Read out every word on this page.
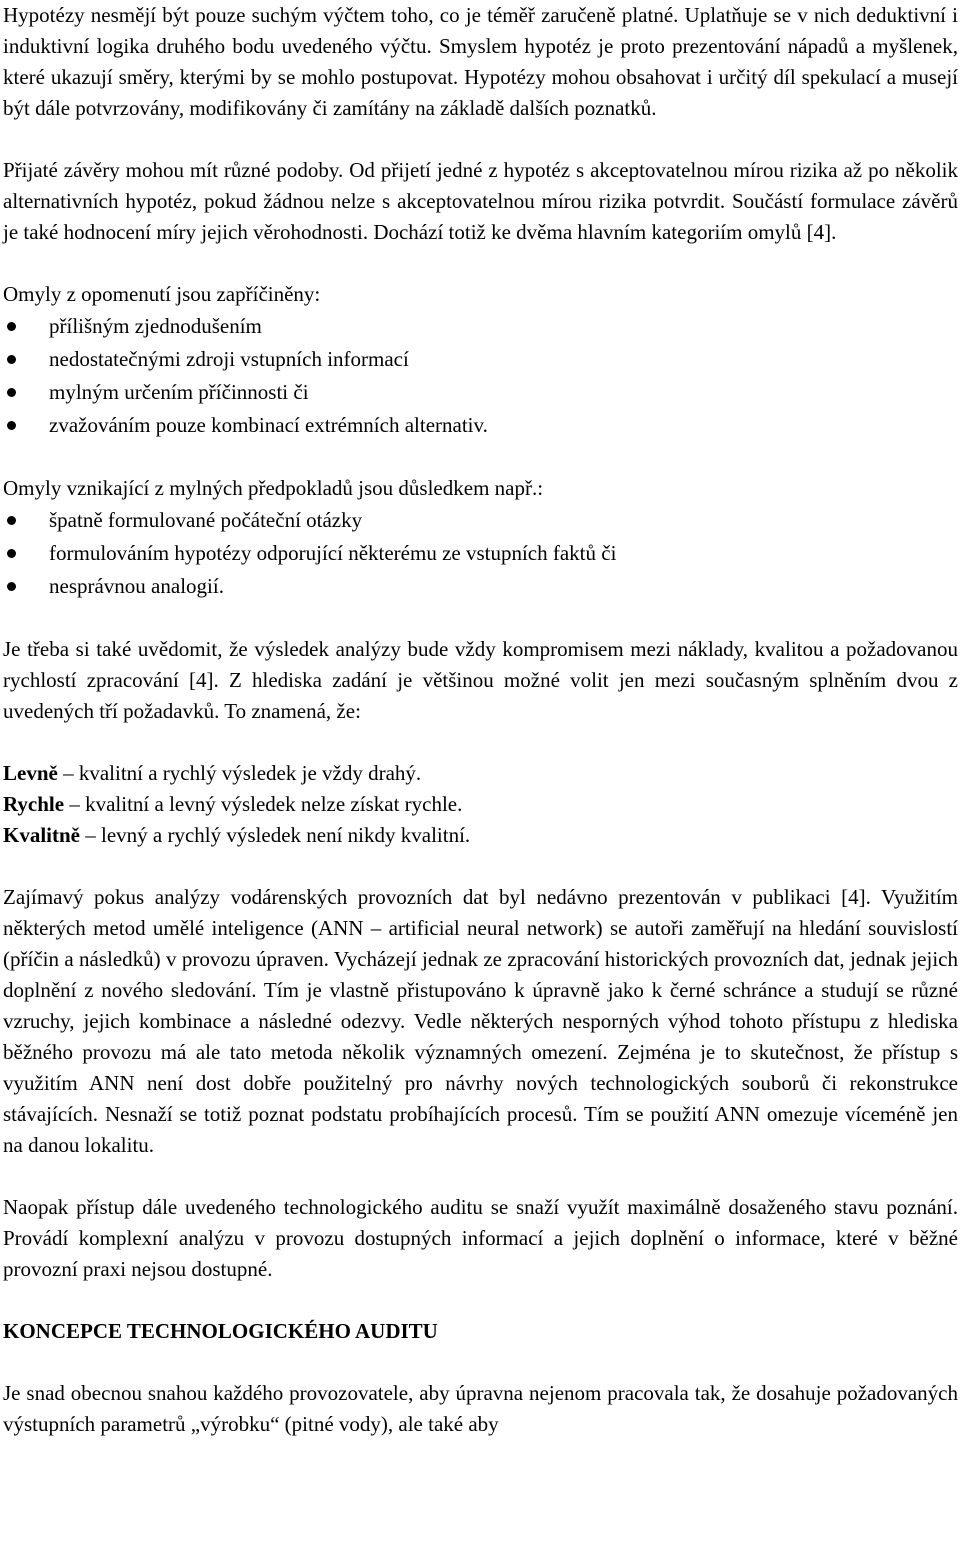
Hypotézy nesmějí být pouze suchým výčtem toho, co je téměř zaručeně platné. Uplatňuje se v nich deduktivní i induktivní logika druhého bodu uvedeného výčtu. Smyslem hypotéz je proto prezentování nápadů a myšlenek, které ukazují směry, kterými by se mohlo postupovat. Hypotézy mohou obsahovat i určitý díl spekulací a musejí být dále potvrzovány, modifikovány či zamítány na základě dalších poznatků.

Přijaté závěry mohou mít různé podoby. Od přijetí jedné z hypotéz s akceptovatelnou mírou rizika až po několik alternativních hypotéz, pokud žádnou nelze s akceptovatelnou mírou rizika potvrdit. Součástí formulace závěrů je také hodnocení míry jejich věrohodnosti. Dochází totiž ke dvěma hlavním kategoriím omylů [4].

Omyly z opomenutí jsou zapříčiněny:

přílišným zjednodušením
nedostatečnými zdroji vstupních informací
mylným určením příčinnosti či
zvažováním pouze kombinací extrémních alternativ.

Omyly vznikající z mylných předpokladů jsou důsledkem např.:

špatně formulované počáteční otázky
formulováním hypotézy odporující některému ze vstupních faktů či
nesprávnou analogií.

Je třeba si také uvědomit, že výsledek analýzy bude vždy kompromisem mezi náklady, kvalitou a požadovanou rychlostí zpracování [4]. Z hlediska zadání je většinou možné volit jen mezi současným splněním dvou z uvedených tří požadavků. To znamená, že:

Levně – kvalitní a rychlý výsledek je vždy drahý.

Rychle – kvalitní a levný výsledek nelze získat rychle.

Kvalitně – levný a rychlý výsledek není nikdy kvalitní.

Zajímavý pokus analýzy vodárenských provozních dat byl nedávno prezentován v publikaci [4]. Využitím některých metod umělé inteligence (ANN – artificial neural network) se autoři zaměřují na hledání souvislostí (příčin a následků) v provozu úpraven. Vycházejí jednak ze zpracování historických provozních dat, jednak jejich doplnění z nového sledování. Tím je vlastně přistupováno k úpravně jako k černé schránce a studují se různé vzruchy, jejich kombinace a následné odezvy. Vedle některých nesporných výhod tohoto přístupu z hlediska běžného provozu má ale tato metoda několik významných omezení. Zejména je to skutečnost, že přístup s využitím ANN není dost dobře použitelný pro návrhy nových technologických souborů či rekonstrukce stávajících. Nesnaží se totiž poznat podstatu probíhajících procesů. Tím se použití ANN omezuje víceméně jen na danou lokalitu.

Naopak přístup dále uvedeného technologického auditu se snaží využít maximálně dosaženého stavu poznání. Provádí komplexní analýzu v provozu dostupných informací a jejich doplnění o informace, které v běžné provozní praxi nejsou dostupné.

KONCEPCE TECHNOLOGICKÉHO AUDITU

Je snad obecnou snahou každého provozovatele, aby úpravna nejenom pracovala tak, že dosahuje požadovaných výstupních parametrů „výrobku“ (pitné vody), ale také aby
